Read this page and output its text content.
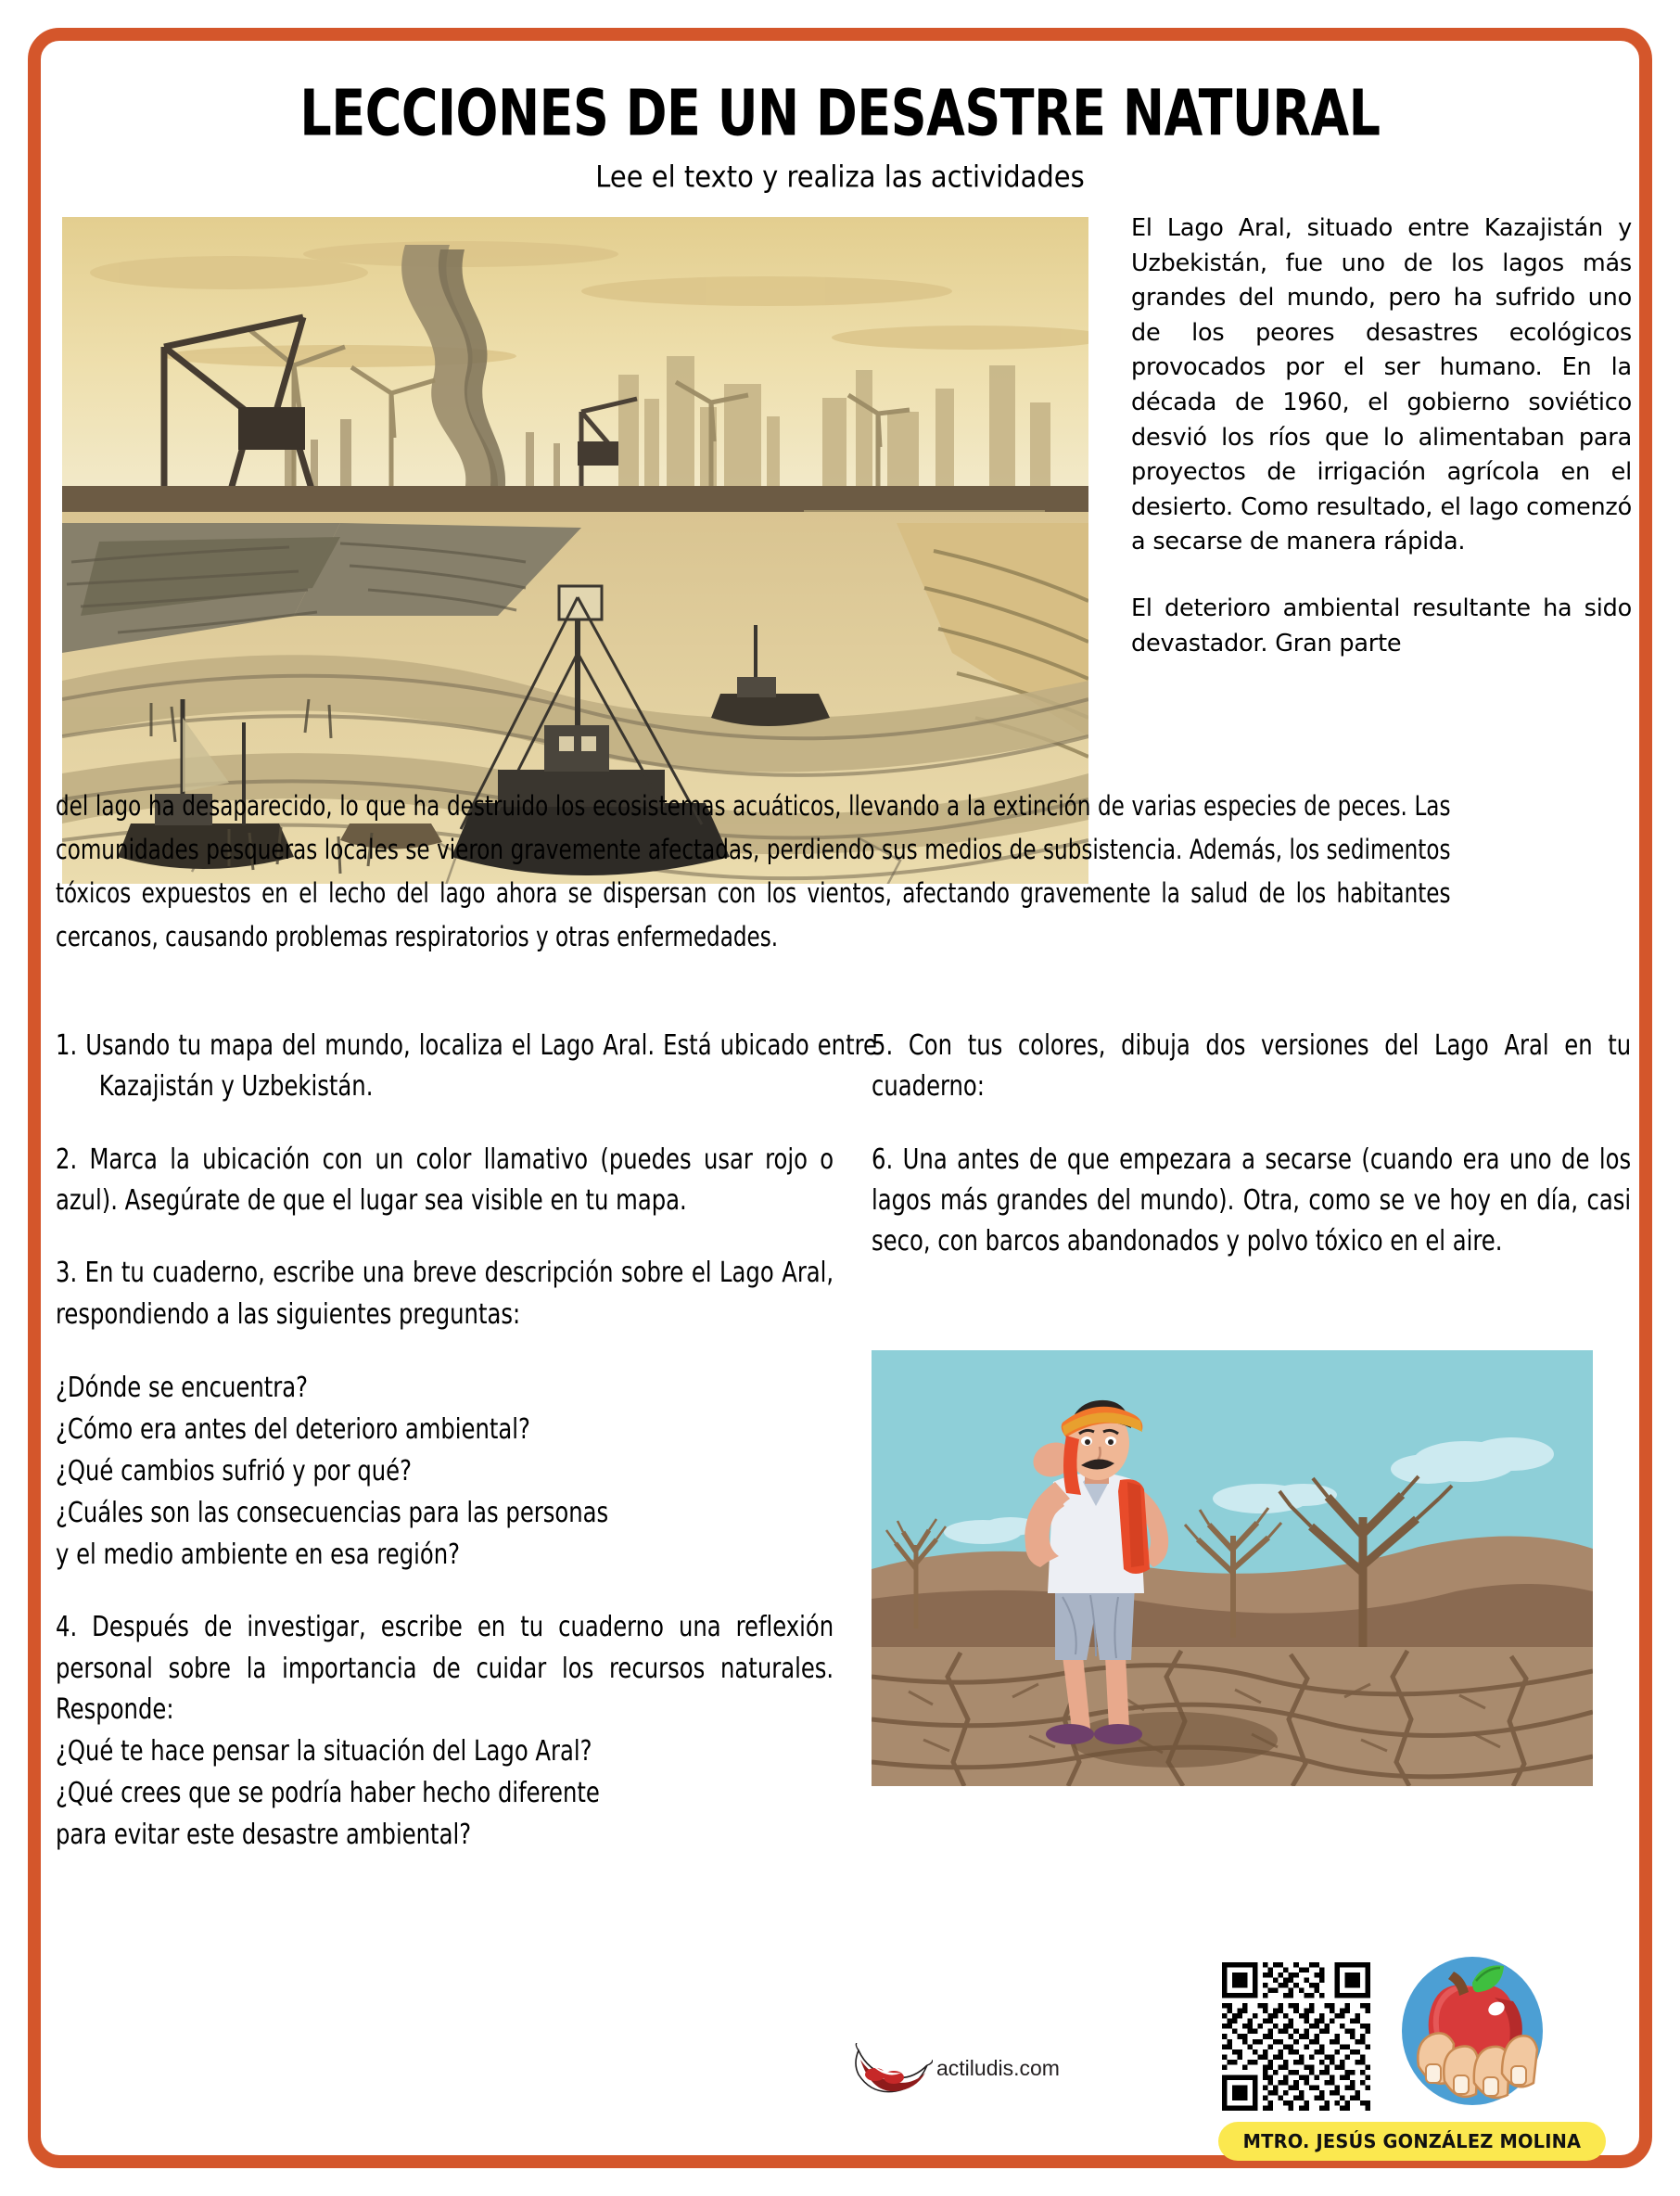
LECCIONES DE UN DESASTRE NATURAL
Lee el texto y realiza las actividades

El Lago Aral, situado entre Kazajistán y Uzbekistán, fue uno de los lagos más grandes del mundo, pero ha sufrido uno de los peores desastres ecológicos provocados por el ser humano. En la década de 1960, el gobierno soviético desvió los ríos que lo alimentaban para proyectos de irrigación agrícola en el desierto. Como resultado, el lago comenzó a secarse de manera rápida.

El deterioro ambiental resultante ha sido devastador. Gran parte

del lago ha desaparecido, lo que ha destruido los ecosistemas acuáticos, llevando a la extinción de varias especies de peces. Las comunidades pesqueras locales se vieron gravemente afectadas, perdiendo sus medios de subsistencia. Además, los sedimentos tóxicos expuestos en el lecho del lago ahora se dispersan con los vientos, afectando gravemente la salud de los habitantes cercanos, causando problemas respiratorios y otras enfermedades.

1. Usando tu mapa del mundo, localiza el Lago Aral. Está ubicado entre Kazajistán y Uzbekistán.

2. Marca la ubicación con un color llamativo (puedes usar rojo o azul). Asegúrate de que el lugar sea visible en tu mapa.

3. En tu cuaderno, escribe una breve descripción sobre el Lago Aral, respondiendo a las siguientes preguntas:

¿Dónde se encuentra?
¿Cómo era antes del deterioro ambiental?
¿Qué cambios sufrió y por qué?
¿Cuáles son las consecuencias para las personas
y el medio ambiente en esa región?

4. Después de investigar, escribe en tu cuaderno una reflexión personal sobre la importancia de cuidar los recursos naturales. Responde:

¿Qué te hace pensar la situación del Lago Aral?
¿Qué crees que se podría haber hecho diferente
para evitar este desastre ambiental?

5. Con tus colores, dibuja dos versiones del Lago Aral en tu cuaderno:

6. Una antes de que empezara a secarse (cuando era uno de los lagos más grandes del mundo). Otra, como se ve hoy en día, casi seco, con barcos abandonados y polvo tóxico en el aire.

actiludis.com
MTRO. JESÚS GONZÁLEZ MOLINA
